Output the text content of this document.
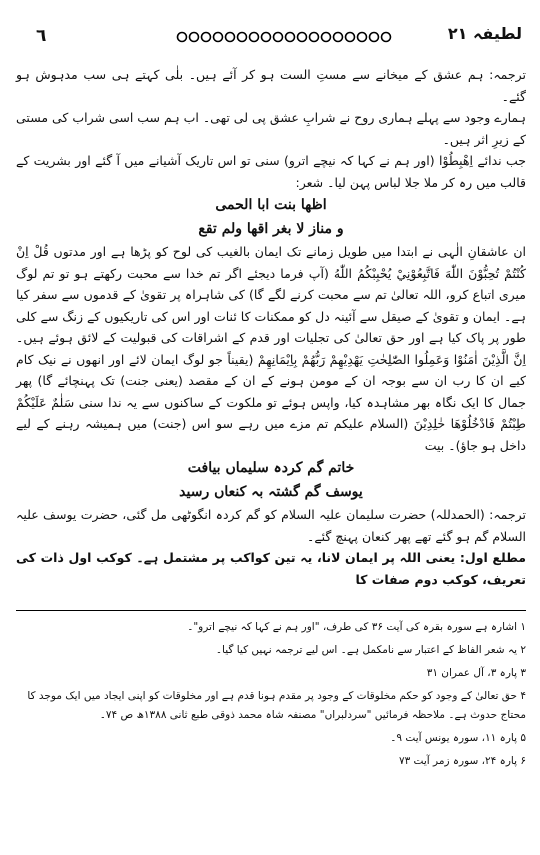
٦	لطیفہ ۲۱

ترجمہ: ہم عشق کے میخانے سے مستِ الست ہو کر آئے ہیں۔ بلٰی کہتے ہی سب مدہوش ہو گئے۔

ہمارے وجود سے پہلے ہماری روح نے شرابِ عشق پی لی تھی۔ اب ہم سب اسی شراب کی مستی کے زیرِ اثر ہیں۔

جب ندائے اِهْبِطُوْا (اور ہم نے کہا کہ نیچے اترو) سنی تو اس تاریک آشیانے میں آ گئے اور بشریت کے قالب میں رہ کر ملا جلا لباس پہن لیا۔ شعر:

اظها بنت ابا الحمى
و مناز لا بغر اقها ولم تقع

ان عاشقانِ الٰہی نے ابتدا میں طویل زمانے تک ایمان بالغیب کی لوح کو پڑھا ہے اور مدتوں قُلْ اِنْ كُنْتُمْ تُحِبُّوْنَ اللّٰهَ فَاتَّبِعُوْنِيْ يُحْبِبْكُمُ اللّٰهُ (آپ فرما دیجئے اگر تم خدا سے محبت رکھتے ہو تو تم لوگ میری اتباع کرو، اللہ تعالیٰ تم سے محبت کرنے لگے گا) کی شاہراہ پر تقویٰ کے قدموں سے سفر کیا ہے۔ ایمان و تقویٰ کے صیقل سے آئینہ دل کو ممکنات کا ئنات اور اس کی تاریکیوں کے زنگ سے کلی طور پر پاک کیا ہے اور حق تعالیٰ کی تجلیات اور قدم کے اشراقات کی قبولیت کے لائق ہوئے ہیں۔ اِنَّ الَّذِيْنَ اٰمَنُوْا وَعَمِلُوا الصّٰلِحٰتِ يَهْدِيْهِمْ رَبُّهُمْ بِاِيْمَانِهِمْ (یقیناً جو لوگ ایمان لائے اور انھوں نے نیک کام کیے ان کا رب ان سے بوجہ ان کے مومن ہونے کے ان کے مقصد (یعنی جنت) تک پہنچائے گا) پھر جمال کا ایک نگاہ بھر مشاہدہ کیا، واپس ہوئے تو ملکوت کے ساکنوں سے یہ ندا سنی سَلٰمٌ عَلَيْكُمْ طِبْتُمْ فَادْخُلُوْهَا خٰلِدِيْنَ (السلام علیکم تم مزے میں رہے سو اس (جنت) میں ہمیشہ رہنے کے لیے داخل ہو جاؤ)۔ بیت

خاتم گم کردہ سلیماں بیافت
یوسف گم گشتہ بہ کنعاں رسید

ترجمہ: (الحمدللہ) حضرت سلیمان علیہ السلام کو گم کردہ انگوٹھی مل گئی، حضرت یوسف علیہ السلام گم ہو گئے تھے پھر کنعان پہنچ گئے۔

مطلع اول: یعنی اللہ پر ایمان لانا، یہ تین کواکب پر مشتمل ہے۔ کوکب اول ذات کی تعریف، کوکب دوم صفات کا

۱ اشارہ ہے سورہ بقرہ کی آیت ۳۶ کی طرف، "اور ہم نے کہا کہ نیچے اترو"۔

۲ یہ شعر الفاظ کے اعتبار سے نامکمل ہے۔ اس لیے ترجمہ نہیں کیا گیا۔

۳ پارہ ۳، آل عمران ۳۱

۴ حق تعالیٰ کے وجود کو حکم مخلوقات کے وجود پر مقدم ہونا قدم ہے اور مخلوقات کو اپنی ایجاد میں ایک موجد کا محتاج حدوث ہے۔ ملاحظہ فرمائیں "سردلبراں" مصنفہ شاہ محمد ذوقی طبع ثانی ۱۳۸۸ھ ص ۷۴۔

۵ پارہ ۱۱، سورہ یونس آیت ۹۔

۶ پارہ ۲۴، سورہ زمر آیت ۷۳
